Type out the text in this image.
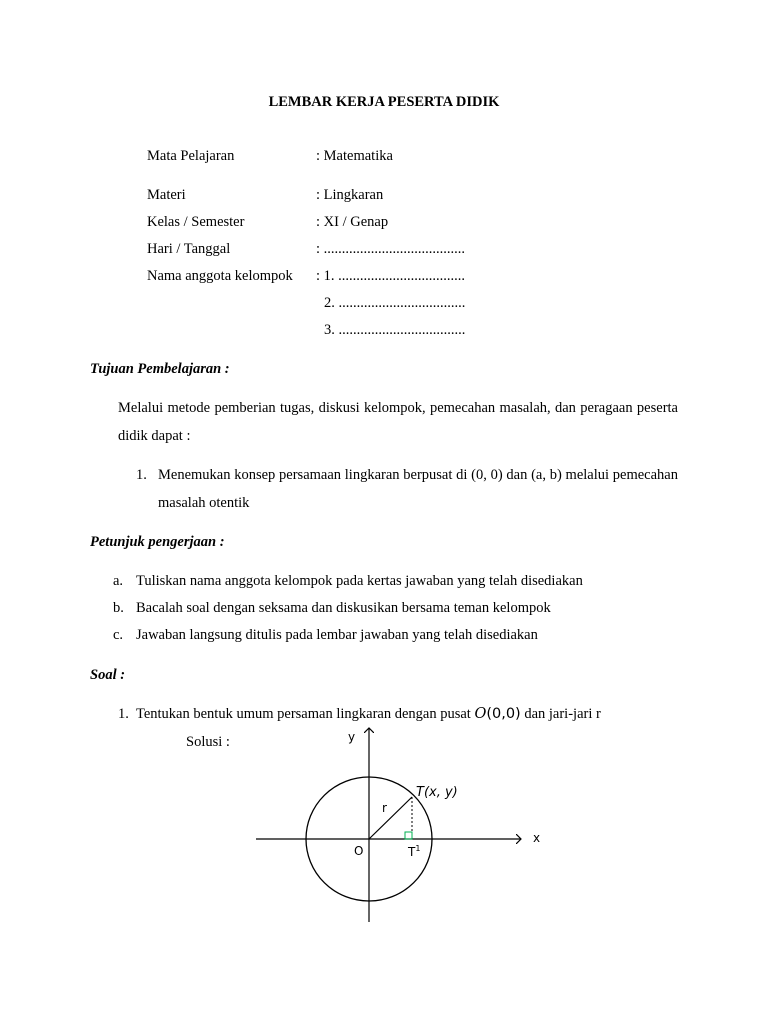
LEMBAR KERJA PESERTA DIDIK
Mata Pelajaran	: Matematika
Materi	: Lingkaran
Kelas / Semester	: XI / Genap
Hari / Tanggal	: .......................................
Nama anggota kelompok : 1. ...................................
2. ...................................
3. ...................................
Tujuan Pembelajaran :
Melalui metode pemberian tugas, diskusi kelompok, pemecahan masalah, dan peragaan peserta didik dapat :
1. Menemukan konsep persamaan lingkaran berpusat di (0, 0) dan (a, b) melalui pemecahan masalah otentik
Petunjuk pengerjaan :
a. Tuliskan nama anggota kelompok pada kertas jawaban yang telah disediakan
b. Bacalah soal dengan seksama dan diskusikan bersama teman kelompok
c. Jawaban langsung ditulis pada lembar jawaban yang telah disediakan
Soal :
1. Tentukan bentuk umum persaman lingkaran dengan pusat O(0,0) dan jari-jari r
Solusi :	y
x
O
r
T(x, y)
$T^1$
